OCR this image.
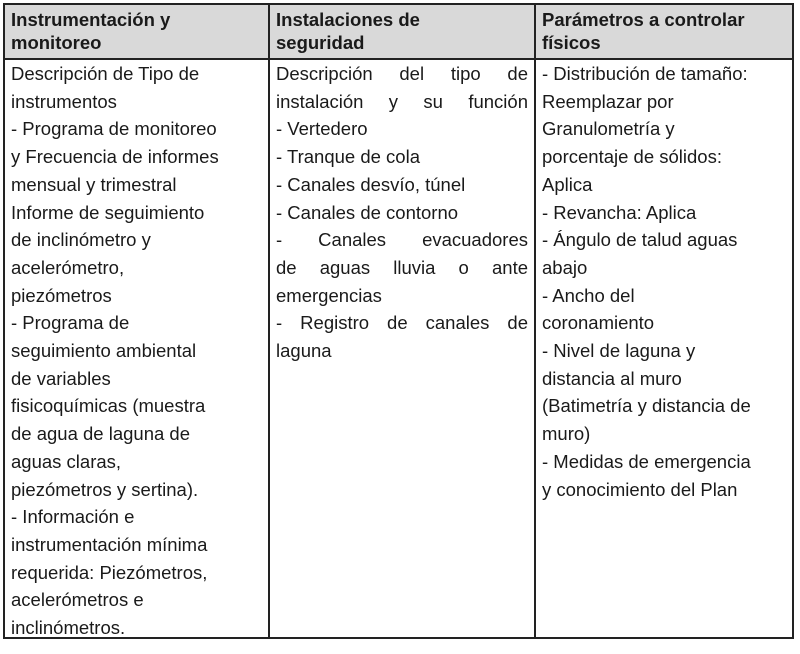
Instrumentación y
monitoreo
Instalaciones de
seguridad
Parámetros a controlar
físicos
Descripción de Tipo de
instrumentos
- Programa de monitoreo
y Frecuencia de informes
mensual y trimestral
Informe de seguimiento
de inclinómetro y
acelerómetro,
piezómetros
- Programa de
seguimiento ambiental
de variables
fisicoquímicas (muestra
de agua de laguna de
aguas claras,
piezómetros y sertina).
- Información e
instrumentación mínima
requerida: Piezómetros,
acelerómetros e
inclinómetros.
Descripción del tipo de
instalación y su función
- Vertedero
- Tranque de cola
- Canales desvío, túnel
- Canales de contorno
- Canales evacuadores
de aguas lluvia o ante
emergencias
- Registro de canales de
laguna
- Distribución de tamaño:
Reemplazar por
Granulometría y
porcentaje de sólidos:
Aplica
- Revancha: Aplica
- Ángulo de talud aguas
abajo
- Ancho del
coronamiento
- Nivel de laguna y
distancia al muro
(Batimetría y distancia de
muro)
- Medidas de emergencia
y conocimiento del Plan
